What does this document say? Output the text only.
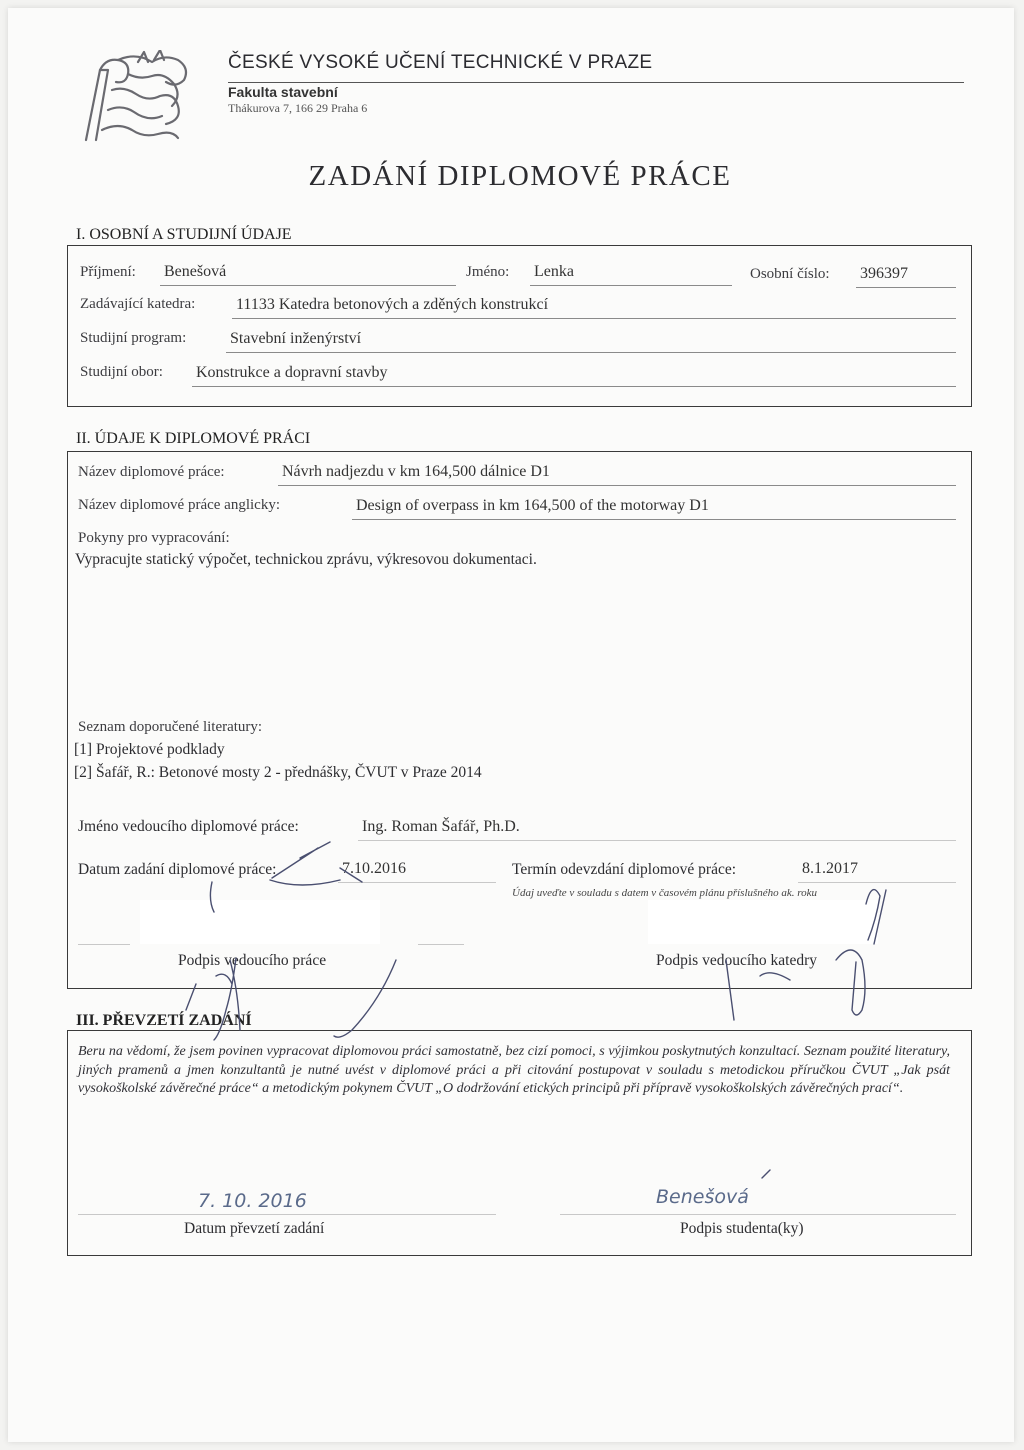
ČESKÉ VYSOKÉ UČENÍ TECHNICKÉ V PRAZE
Fakulta stavební
Thákurova 7, 166 29 Praha 6
ZADÁNÍ DIPLOMOVÉ PRÁCE
I. OSOBNÍ A STUDIJNÍ ÚDAJE
Příjmení: Benešová	Jméno: Lenka	Osobní číslo: 396397
Zadávající katedra:	11133 Katedra betonových a zděných konstrukcí
Studijní program:	Stavební inženýrství
Studijní obor: Konstrukce a dopravní stavby
II. ÚDAJE K DIPLOMOVÉ PRÁCI
Název diplomové práce:	Návrh nadjezdu v km 164,500 dálnice D1
Název diplomové práce anglicky:	Design of overpass in km 164,500 of the motorway D1
Pokyny pro vypracování:
Vypracujte statický výpočet, technickou zprávu, výkresovou dokumentaci.
Seznam doporučené literatury:
[1] Projektové podklady
[2] Šafář, R.: Betonové mosty 2 - přednášky, ČVUT v Praze 2014
Jméno vedoucího diplomové práce:	Ing. Roman Šafář, Ph.D.
Datum zadání diplomové práce:	7.10.2016	Termín odevzdání diplomové práce:	8.1.2017
Údaj uveďte v souladu s datem v časovém plánu příslušného ak. roku
Podpis vedoucího práce	Podpis vedoucího katedry
III. PŘEVZETÍ ZADÁNÍ
Beru na vědomí, že jsem povinen vypracovat diplomovou práci samostatně, bez cizí pomoci, s výjimkou poskytnutých konzultací. Seznam použité literatury, jiných pramenů a jmen konzultantů je nutné uvést v diplomové práci a při citování postupovat v souladu s metodickou příručkou ČVUT „Jak psát vysokoškolské závěrečné práce“ a metodickým pokynem ČVUT „O dodržování etických principů při přípravě vysokoškolských závěrečných prací“.
7. 10. 2016	Benešová
Datum převzetí zadání	Podpis studenta(ky)
